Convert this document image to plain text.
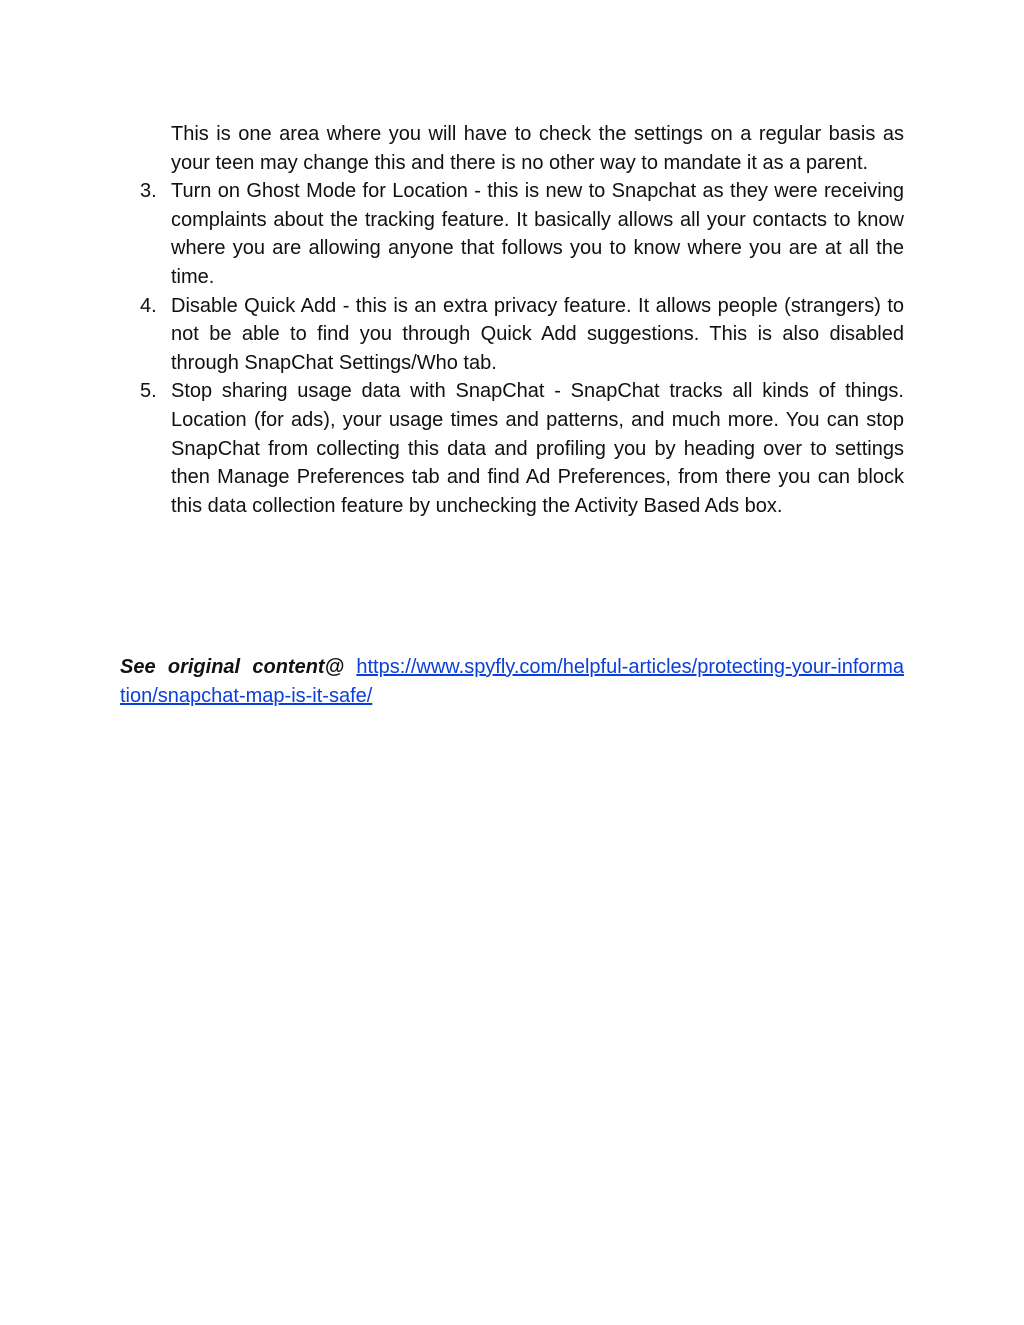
This is one area where you will have to check the settings on a regular basis as your teen may change this and there is no other way to mandate it as a parent.

3. Turn on Ghost Mode for Location - this is new to Snapchat as they were receiving complaints about the tracking feature. It basically allows all your contacts to know where you are allowing anyone that follows you to know where you are at all the time.
4. Disable Quick Add - this is an extra privacy feature. It allows people (strangers) to not be able to find you through Quick Add suggestions. This is also disabled through SnapChat Settings/Who tab.
5. Stop sharing usage data with SnapChat - SnapChat tracks all kinds of things. Location (for ads), your usage times and patterns, and much more. You can stop SnapChat from collecting this data and profiling you by heading over to settings then Manage Preferences tab and find Ad Preferences, from there you can block this data collection feature by unchecking the Activity Based Ads box.
See original content@ https://www.spyfly.com/helpful-articles/protecting-your-information/snapchat-map-is-it-safe/
